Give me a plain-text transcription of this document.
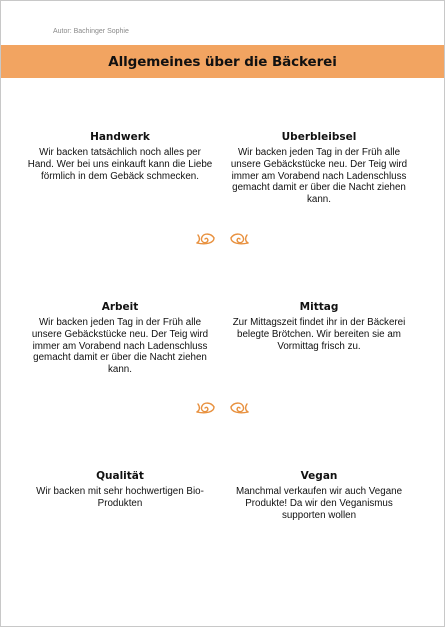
Autor: Bachinger Sophie
Allgemeines über die Bäckerei
Handwerk
Wir backen tatsächlich noch alles per Hand. Wer bei uns einkauft kann die Liebe förmlich in dem Gebäck schmecken.
Uberbleibsel
Wir backen jeden Tag in der Früh alle unsere Gebäckstücke neu. Der Teig wird immer am Vorabend nach Ladenschluss gemacht damit er über die Nacht ziehen kann.
Arbeit
Wir backen jeden Tag in der Früh alle unsere Gebäckstücke neu. Der Teig wird immer am Vorabend nach Ladenschluss gemacht damit er über die Nacht ziehen kann.
Mittag
Zur Mittagszeit findet ihr in der Bäckerei belegte Brötchen. Wir bereiten sie am Vormittag frisch zu.
Qualität
Wir backen mit sehr hochwertigen Bio-Produkten
Vegan
Manchmal verkaufen wir auch Vegane Produkte! Da wir den Veganismus supporten wollen
